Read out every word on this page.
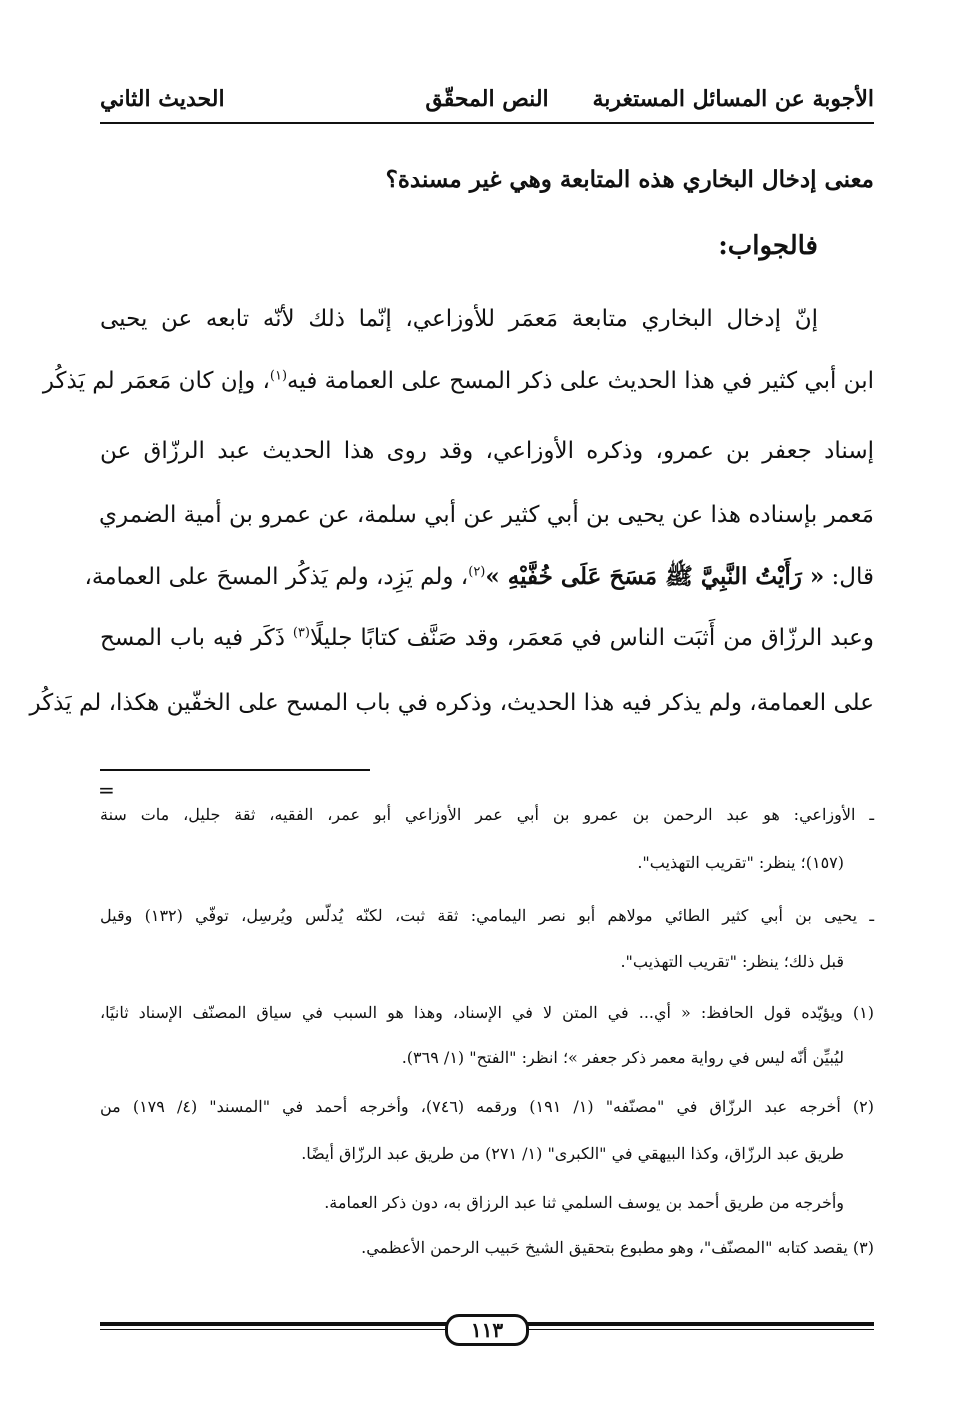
الأجوبة عن المسائل المستغربة
النص المحقّق
الحديث الثاني
معنى إدخال البخاري هذه المتابعة وهي غير مسندة؟
فالجواب:
إنّ إدخال البخاري متابعة مَعمَر للأوزاعي، إنّما ذلك لأنّه تابعه عن يحيى
ابن أبي كثير في هذا الحديث على ذكر المسح على العمامة فيه$^{(١)}$، وإن كان مَعمَر لم يَذكُر
إسناد جعفر بن عمرو، وذكره الأوزاعي، وقد روى هذا الحديث عبد الرزّاق عن
مَعمر بإسناده هذا عن يحيى بن أبي كثير عن أبي سلمة، عن عمرو بن أمية الضمري
قال: « رَأَيْتُ النَّبِيَّ ﷺ مَسَحَ عَلَى خُفَّيْهِ »$^{(٢)}$، ولم يَزِد، ولم يَذكُر المسحَ على العمامة،
وعبد الرزّاق من أَثبَت الناس في مَعمَر، وقد صَنَّف كتابًا جليلًا$^{(٣)}$ ذَكَر فيه باب المسح
على العمامة، ولم يذكر فيه هذا الحديث، وذكره في باب المسح على الخفّين هكذا، لم يَذكُر
=
ـ الأوزاعي: هو عبد الرحمن بن عمرو بن أبي عمر الأوزاعي أبو عمر، الفقيه، ثقة جليل، مات سنة
(١٥٧)؛ ينظر: "تقريب التهذيب".
ـ يحيى بن أبي كثير الطائي مولاهم أبو نصر اليمامي: ثقة ثبت، لكنّه يُدلّس ويُرسِل، توفّي (١٣٢) وقيل
قبل ذلك؛ ينظر: "تقريب التهذيب".
(١) ويؤيّده قول الحافظ: « أي... في المتن لا في الإسناد، وهذا هو السبب في سياق المصنّف الإسناد ثانيًا،
ليُبيِّن أنّه ليس في رواية معمر ذكر جعفر »؛ انظر: "الفتح" (١/ ٣٦٩).
(٢) أخرجه عبد الرزّاق في "مصنّفه" (١/ ١٩١) ورقمه (٧٤٦)، وأخرجه أحمد في "المسند" (٤/ ١٧٩) من
طريق عبد الرزّاق، وكذا البيهقي في "الكبرى" (١/ ٢٧١) من طريق عبد الرزّاق أيضًا.
وأخرجه من طريق أحمد بن يوسف السلمي ثنا عبد الرزاق به، دون ذكر العمامة.
(٣) يقصد كتابه "المصنّف"، وهو مطبوع بتحقيق الشيخ حَبيب الرحمن الأعظمي.
١١٣
